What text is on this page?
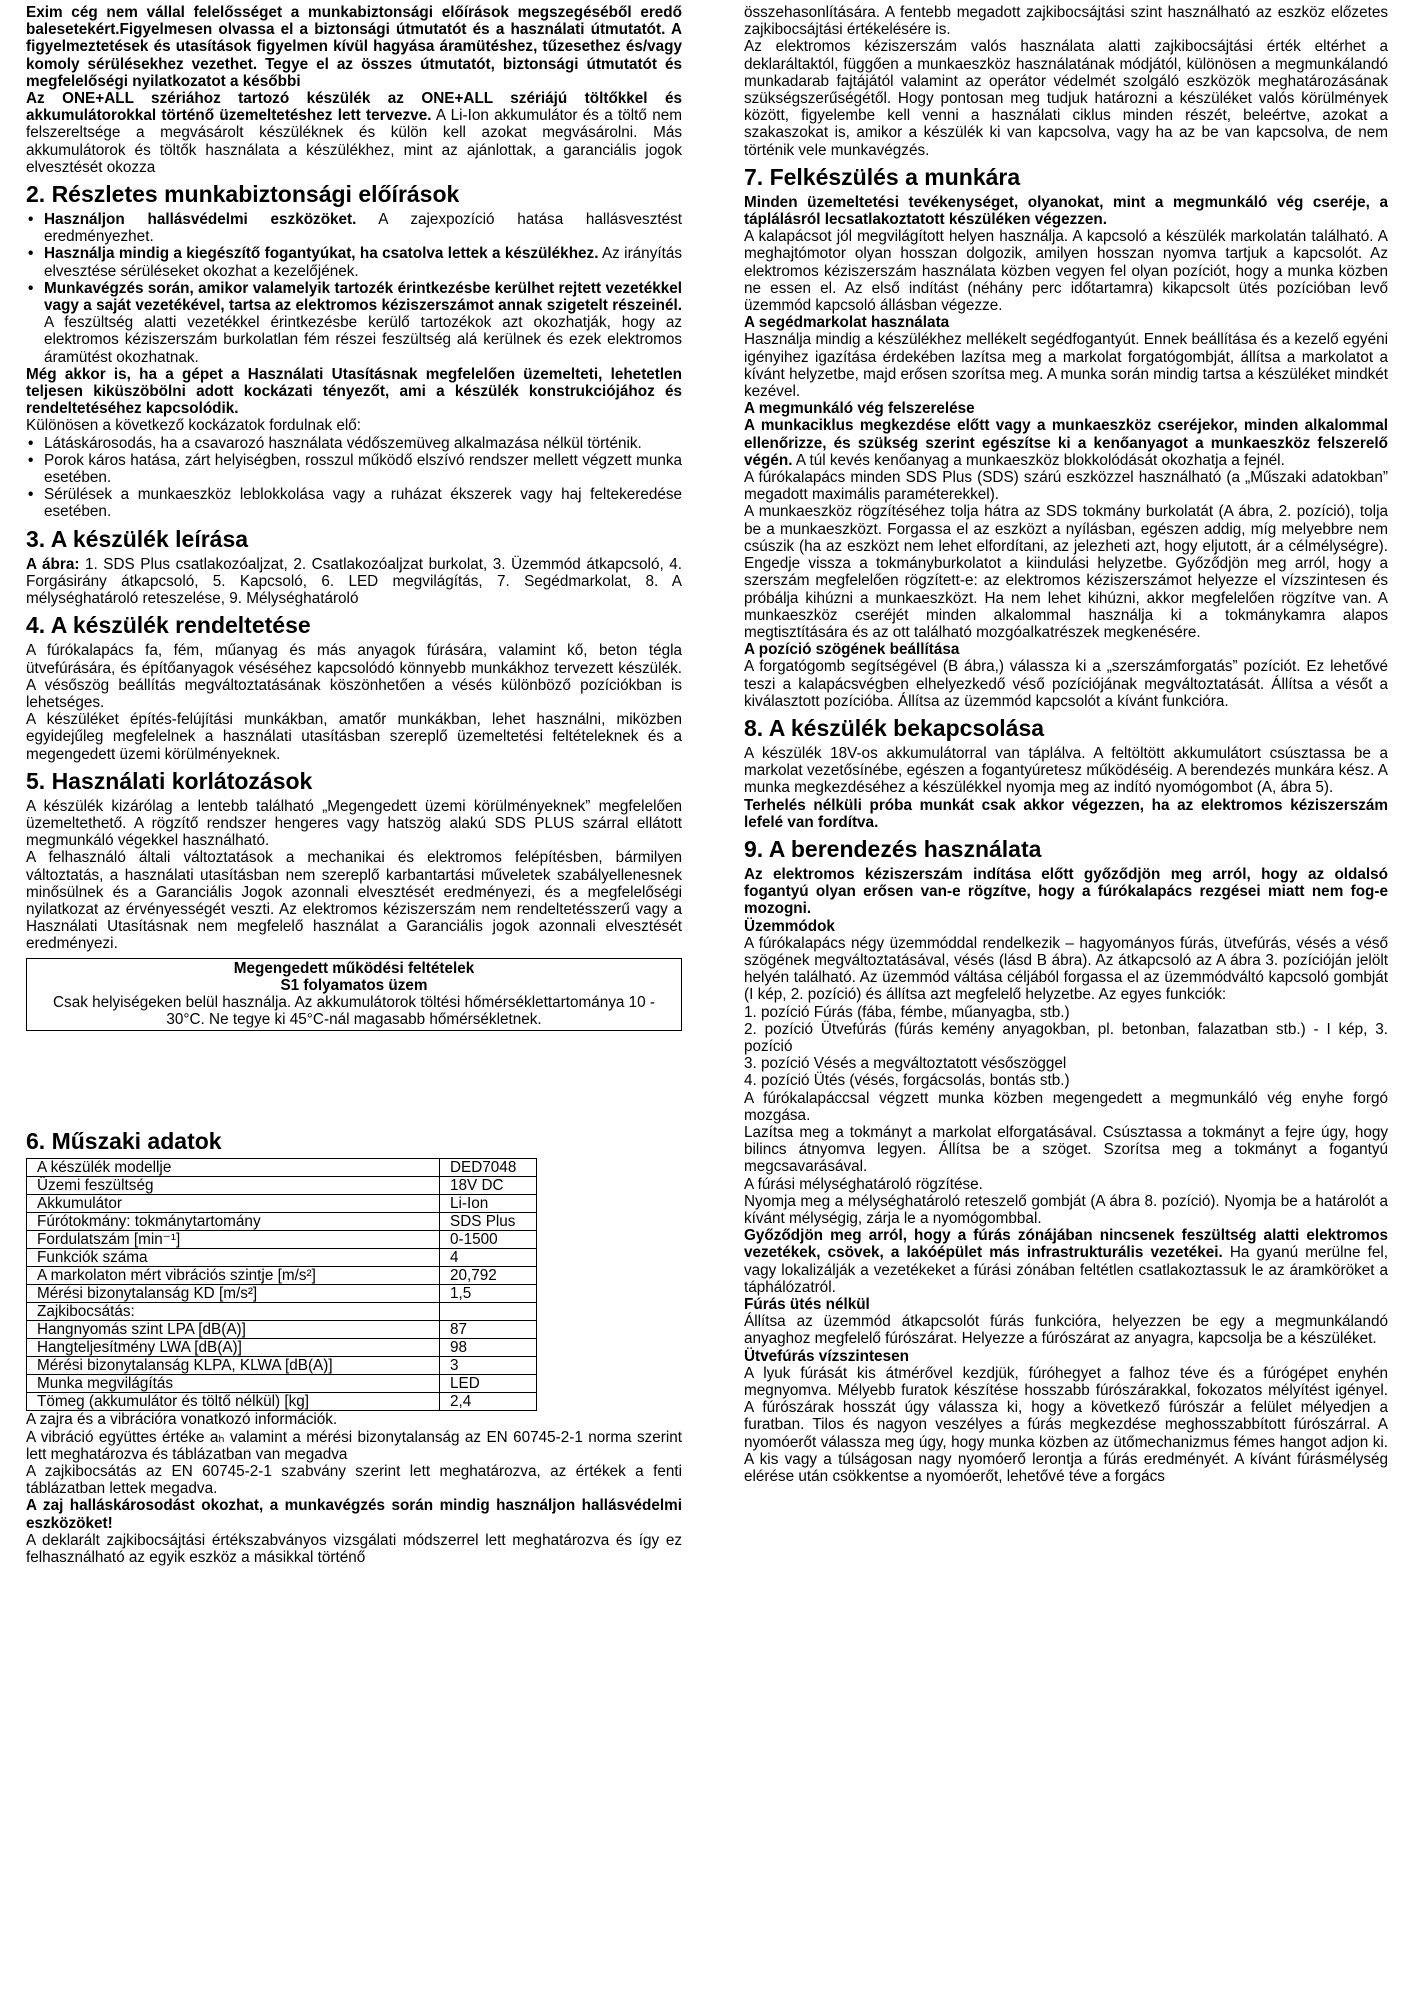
Exim cég nem vállal felelősséget a munkabiztonsági előírások megszegéséből eredő balesetekért.Figyelmesen olvassa el a biztonsági útmutatót és a használati útmutatót. A figyelmeztetések és utasítások figyelmen kívül hagyása áramütéshez, tűzesethez és/vagy komoly sérülésekhez vezethet. Tegye el az összes útmutatót, biztonsági útmutatót és megfelelőségi nyilatkozatot a későbbi
Az ONE+ALL szériához tartozó készülék az ONE+ALL szériájú töltőkkel és akkumulátorokkal történő üzemeltetéshez lett tervezve. A Li-Ion akkumulátor és a töltő nem felszereltsége a megvásárolt készüléknek és külön kell azokat megvásárolni. Más akkumulátorok és töltők használata a készülékhez, mint az ajánlottak, a garanciális jogok elvesztését okozza

2. Részletes munkabiztonsági előírások
• Használjon hallásvédelmi eszközöket. A zajexpozíció hatása hallásvesztést eredményezhet.
• Használja mindig a kiegészítő fogantyúkat, ha csatolva lettek a készülékhez. Az irányítás elvesztése sérüléseket okozhat a kezelőjének.
• Munkavégzés során, amikor valamelyik tartozék érintkezésbe kerülhet rejtett vezetékkel vagy a saját vezetékével, tartsa az elektromos kéziszerszámot annak szigetelt részeinél. A feszültség alatti vezetékkel érintkezésbe kerülő tartozékok azt okozhatják, hogy az elektromos kéziszerszám burkolatlan fém részei feszültség alá kerülnek és ezek elektromos áramütést okozhatnak.

Még akkor is, ha a gépet a Használati Utasításnak megfelelően üzemelteti, lehetetlen teljesen kiküszöbölni adott kockázati tényezőt, ami a készülék konstrukciójához és rendeltetéséhez kapcsolódik.

Különösen a következő kockázatok fordulnak elő:

• Látáskárosodás, ha a csavarozó használata védőszemüveg alkalmazása nélkül történik.
• Porok káros hatása, zárt helyiségben, rosszul működő elszívó rendszer mellett végzett munka esetében.
• Sérülések a munkaeszköz leblokkolása vagy a ruházat ékszerek vagy haj feltekeredése esetében.
3. A készülék leírása

A ábra: 1. SDS Plus csatlakozóaljzat, 2. Csatlakozóaljzat burkolat, 3. Üzemmód átkapcsoló, 4. Forgásirány átkapcsoló, 5. Kapcsoló, 6. LED megvilágítás, 7. Segédmarkolat, 8. A mélységhatároló reteszelése, 9. Mélységhatároló

4. A készülék rendeltetése

A fúrókalapács fa, fém, műanyag és más anyagok fúrására, valamint kő, beton tégla ütvefúrására, és építőanyagok véséséhez kapcsolódó könnyebb munkákhoz tervezett készülék. A vésőszög beállítás megváltoztatásának köszönhetően a vésés különböző pozíciókban is lehetséges.

A készüléket építés-felújítási munkákban, amatőr munkákban, lehet használni, miközben egyidejűleg megfelelnek a használati utasításban szereplő üzemeltetési feltételeknek és a megengedett üzemi körülményeknek.

5. Használati korlátozások

A készülék kizárólag a lentebb található „Megengedett üzemi körülményeknek” megfelelően üzemeltethető. A rögzítő rendszer hengeres vagy hatszög alakú SDS PLUS szárral ellátott megmunkáló végekkel használható.

A felhasználó általi változtatások a mechanikai és elektromos felépítésben, bármilyen változtatás, a használati utasításban nem szereplő karbantartási műveletek szabályellenesnek minősülnek és a Garanciális Jogok azonnali elvesztését eredményezi, és a megfelelőségi nyilatkozat az érvényességét veszti. Az elektromos kéziszerszám nem rendeltetésszerű vagy a Használati Utasításnak nem megfelelő használat a Garanciális jogok azonnali elvesztését eredményezi.

Megengedett működési feltételek
S1 folyamatos üzem
Csak helyiségeken belül használja. Az akkumulátorok töltési hőmérséklettartománya 10 - 30°C. Ne tegye ki 45°C-nál magasabb hőmérsékletnek.
6. Műszaki adatok
A készülék modellje	DED7048
Üzemi feszültség	18V DC
Akkumulátor	Li-Ion
Fúrótokmány: tokmánytartomány	SDS Plus
Fordulatszám [min⁻¹]	0-1500
Funkciók száma	4
A markolaton mért vibrációs szintje [m/s²]	20,792
Mérési bizonytalanság KD [m/s²]	1,5
Zajkibocsátás:	
Hangnyomás szint LPA [dB(A)]	87
Hangteljesítmény LWA [dB(A)]	98
Mérési bizonytalanság KLPA, KLWA [dB(A)]	3
Munka megvilágítás	LED
Tömeg (akkumulátor és töltő nélkül) [kg]	2,4

A zajra és a vibrációra vonatkozó információk.

A vibráció együttes értéke aₕ valamint a mérési bizonytalanság az EN 60745-2-1 norma szerint lett meghatározva és táblázatban van megadva

A zajkibocsátás az EN 60745-2-1 szabvány szerint lett meghatározva, az értékek a fenti táblázatban lettek megadva.

A zaj halláskárosodást okozhat, a munkavégzés során mindig használjon hallásvédelmi eszközöket!

A deklarált zajkibocsájtási értékszabványos vizsgálati módszerrel lett meghatározva és így ez felhasználható az egyik eszköz a másikkal történő

összehasonlítására. A fentebb megadott zajkibocsájtási szint használható az eszköz előzetes zajkibocsájtási értékelésére is.

Az elektromos kéziszerszám valós használata alatti zajkibocsájtási érték eltérhet a deklaráltaktól, függően a munkaeszköz használatának módjától, különösen a megmunkálandó munkadarab fajtájától valamint az operátor védelmét szolgáló eszközök meghatározásának szükségszerűségétől. Hogy pontosan meg tudjuk határozni a készüléket valós körülmények között, figyelembe kell venni a használati ciklus minden részét, beleértve, azokat a szakaszokat is, amikor a készülék ki van kapcsolva, vagy ha az be van kapcsolva, de nem történik vele munkavégzés.

7. Felkészülés a munkára

Minden üzemeltetési tevékenységet, olyanokat, mint a megmunkáló vég cseréje, a táplálásról lecsatlakoztatott készüléken végezzen.

A kalapácsot jól megvilágított helyen használja. A kapcsoló a készülék markolatán található. A meghajtómotor olyan hosszan dolgozik, amilyen hosszan nyomva tartjuk a kapcsolót. Az elektromos kéziszerszám használata közben vegyen fel olyan pozíciót, hogy a munka közben ne essen el. Az első indítást (néhány perc időtartamra) kikapcsolt ütés pozícióban levő üzemmód kapcsoló állásban végezze.

A segédmarkolat használata

Használja mindig a készülékhez mellékelt segédfogantyút. Ennek beállítása és a kezelő egyéni igényihez igazítása érdekében lazítsa meg a markolat forgatógombját, állítsa a markolatot a kívánt helyzetbe, majd erősen szorítsa meg. A munka során mindig tartsa a készüléket mindkét kezével.

A megmunkáló vég felszerelése

A munkaciklus megkezdése előtt vagy a munkaeszköz cseréjekor, minden alkalommal ellenőrizze, és szükség szerint egészítse ki a kenőanyagot a munkaeszköz felszerelő végén. A túl kevés kenőanyag a munkaeszköz blokkolódását okozhatja a fejnél.

A fúrókalapács minden SDS Plus (SDS) szárú eszközzel használható (a „Műszaki adatokban” megadott maximális paraméterekkel).

A munkaeszköz rögzítéséhez tolja hátra az SDS tokmány burkolatát (A ábra, 2. pozíció), tolja be a munkaeszközt. Forgassa el az eszközt a nyílásban, egészen addig, míg melyebbre nem csúszik (ha az eszközt nem lehet elfordítani, az jelezheti azt, hogy eljutott, ár a célmélységre). Engedje vissza a tokmányburkolatot a kiindulási helyzetbe. Győződjön meg arról, hogy a szerszám megfelelően rögzített-e: az elektromos kéziszerszámot helyezze el vízszintesen és próbálja kihúzni a munkaeszközt. Ha nem lehet kihúzni, akkor megfelelően rögzítve van. A munkaeszköz cseréjét minden alkalommal használja ki a tokmánykamra alapos megtisztítására és az ott található mozgóalkatrészek megkenésére.

A pozíció szögének beállítása

A forgatógomb segítségével (B ábra,) válassza ki a „szerszámforgatás” pozíciót. Ez lehetővé teszi a kalapácsvégben elhelyezkedő véső pozíciójának megváltoztatását. Állítsa a vésőt a kiválasztott pozícióba. Állítsa az üzemmód kapcsolót a kívánt funkcióra.

8. A készülék bekapcsolása

A készülék 18V-os akkumulátorral van táplálva. A feltöltött akkumulátort csúsztassa be a markolat vezetősínébe, egészen a fogantyúretesz működéséig. A berendezés munkára kész. A munka megkezdéséhez a készülékkel nyomja meg az indító nyomógombot (A, ábra 5).

Terhelés nélküli próba munkát csak akkor végezzen, ha az elektromos kéziszerszám lefelé van fordítva.

9. A berendezés használata

Az elektromos kéziszerszám indítása előtt győződjön meg arról, hogy az oldalsó fogantyú olyan erősen van-e rögzítve, hogy a fúrókalapács rezgései miatt nem fog-e mozogni.

Üzemmódok

A fúrókalapács négy üzemmóddal rendelkezik – hagyományos fúrás, ütvefúrás, vésés a véső szögének megváltoztatásával, vésés (lásd B ábra). Az átkapcsoló az A ábra 3. pozícióján jelölt helyén található. Az üzemmód váltása céljából forgassa el az üzemmódváltó kapcsoló gombját (I kép, 2. pozíció) és állítsa azt megfelelő helyzetbe. Az egyes funkciók:

1. pozíció Fúrás (fába, fémbe, műanyagba, stb.)

2. pozíció Ütvefúrás (fúrás kemény anyagokban, pl. betonban, falazatban stb.) - I kép, 3. pozíció

3. pozíció Vésés a megváltoztatott vésőszöggel

4. pozíció Ütés (vésés, forgácsolás, bontás stb.)

A fúrókalapáccsal végzett munka közben megengedett a megmunkáló vég enyhe forgó mozgása.

Lazítsa meg a tokmányt a markolat elforgatásával. Csúsztassa a tokmányt a fejre úgy, hogy bilincs átnyomva legyen. Állítsa be a szöget. Szorítsa meg a tokmányt a fogantyú megcsavarásával.

A fúrási mélységhatároló rögzítése.

Nyomja meg a mélységhatároló reteszelő gombját (A ábra 8. pozíció). Nyomja be a határolót a kívánt mélységig, zárja le a nyomógombbal.

Győződjön meg arról, hogy a fúrás zónájában nincsenek feszültség alatti elektromos vezetékek, csövek, a lakóépület más infrastrukturális vezetékei. Ha gyanú merülne fel, vagy lokalizálják a vezetékeket a fúrási zónában feltétlen csatlakoztassuk le az áramköröket a táphálózatról.

Fúrás ütés nélkül

Állítsa az üzemmód átkapcsolót fúrás funkcióra, helyezzen be egy a megmunkálandó anyaghoz megfelelő fúrószárat. Helyezze a fúrószárat az anyagra, kapcsolja be a készüléket.

Ütvefúrás vízszintesen

A lyuk fúrását kis átmérővel kezdjük, fúróhegyet a falhoz téve és a fúrógépet enyhén megnyomva. Mélyebb furatok készítése hosszabb fúrószárakkal, fokozatos mélyítést igényel. A fúrószárak hosszát úgy válassza ki, hogy a következő fúrószár a felület mélyedjen a furatban. Tilos és nagyon veszélyes a fúrás megkezdése meghosszabbított fúrószárral. A nyomóerőt válassza meg úgy, hogy munka közben az ütőmechanizmus fémes hangot adjon ki. A kis vagy a túlságosan nagy nyomóerő lerontja a fúrás eredményét. A kívánt fúrásmélység elérése után csökkentse a nyomóerőt, lehetővé téve a forgács
